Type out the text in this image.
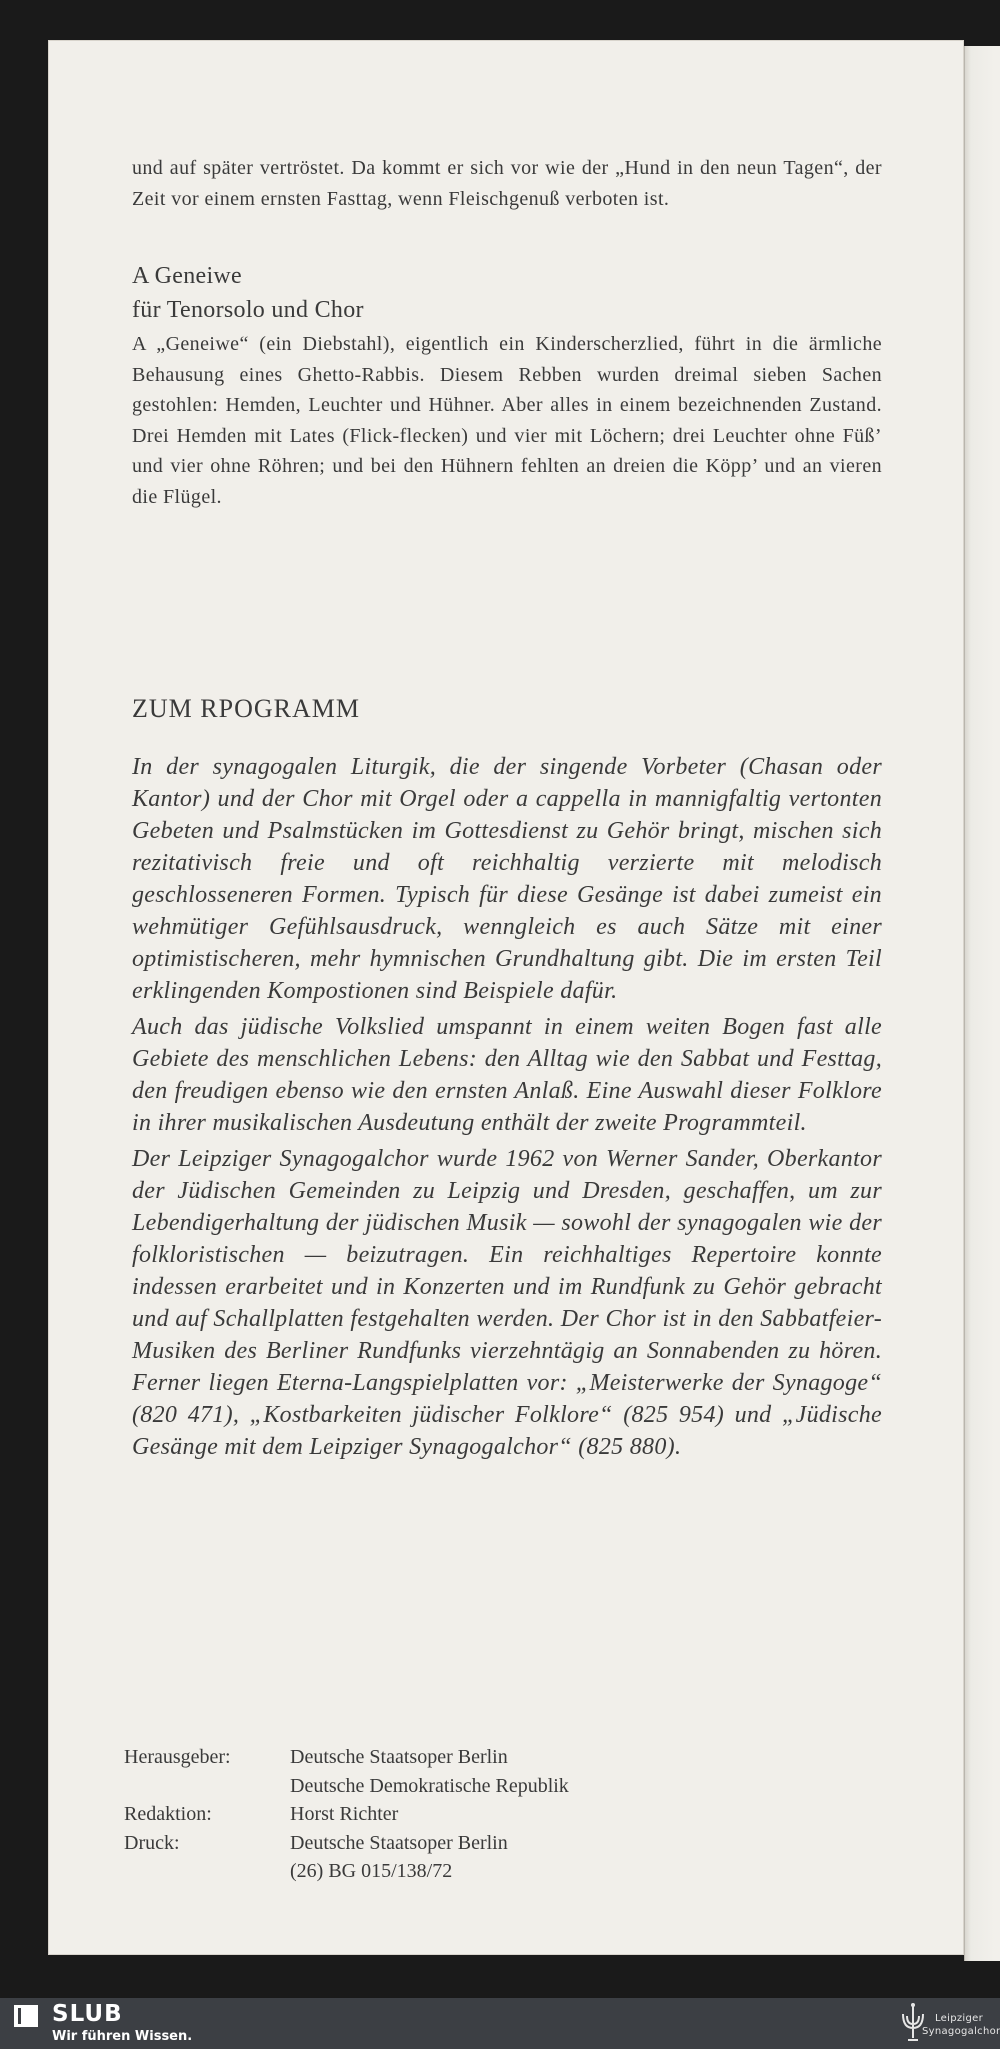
und auf später vertröstet. Da kommt er sich vor wie der „Hund in den neun Tagen“, der Zeit vor einem ernsten Fasttag, wenn Fleischgenuß verboten ist.

A Geneiwe
für Tenorsolo und Chor

A „Geneiwe“ (ein Diebstahl), eigentlich ein Kinderscherzlied, führt in die ärmliche Behausung eines Ghetto-Rabbis. Diesem Rebben wurden dreimal sieben Sachen gestohlen: Hemden, Leuchter und Hühner. Aber alles in einem bezeichnenden Zustand. Drei Hemden mit Lates (Flick-flecken) und vier mit Löchern; drei Leuchter ohne Füß’ und vier ohne Röhren; und bei den Hühnern fehlten an dreien die Köpp’ und an vieren die Flügel.

ZUM RPOGRAMM

In der synagogalen Liturgik, die der singende Vorbeter (Chasan oder Kantor) und der Chor mit Orgel oder a cappella in mannigfaltig vertonten Gebeten und Psalmstücken im Gottesdienst zu Gehör bringt, mischen sich rezitativisch freie und oft reichhaltig verzierte mit melodisch geschlosseneren Formen. Typisch für diese Gesänge ist dabei zumeist ein wehmütiger Gefühlsausdruck, wenngleich es auch Sätze mit einer optimistischeren, mehr hymnischen Grundhaltung gibt. Die im ersten Teil erklingenden Kompostionen sind Beispiele dafür.

Auch das jüdische Volkslied umspannt in einem weiten Bogen fast alle Gebiete des menschlichen Lebens: den Alltag wie den Sabbat und Festtag, den freudigen ebenso wie den ernsten Anlaß. Eine Auswahl dieser Folklore in ihrer musikalischen Ausdeutung enthält der zweite Programmteil.

Der Leipziger Synagogalchor wurde 1962 von Werner Sander, Oberkantor der Jüdischen Gemeinden zu Leipzig und Dresden, geschaffen, um zur Lebendigerhaltung der jüdischen Musik — sowohl der synagogalen wie der folkloristischen — beizutragen. Ein reichhaltiges Repertoire konnte indessen erarbeitet und in Konzerten und im Rundfunk zu Gehör gebracht und auf Schallplatten festgehalten werden. Der Chor ist in den Sabbatfeier-Musiken des Berliner Rundfunks vierzehntägig an Sonnabenden zu hören. Ferner liegen Eterna-Langspielplatten vor: „Meisterwerke der Synagoge“ (820 471), „Kostbarkeiten jüdischer Folklore“ (825 954) und „Jüdische Gesänge mit dem Leipziger Synagogalchor“ (825 880).

Herausgeber:	Deutsche Staatsoper Berlin
Deutsche Demokratische Republik
Redaktion:	Horst Richter
Druck:	Deutsche Staatsoper Berlin
(26) BG 015/138/72
SLUB
Wir führen Wissen.
Leipziger
Synagogalchor
